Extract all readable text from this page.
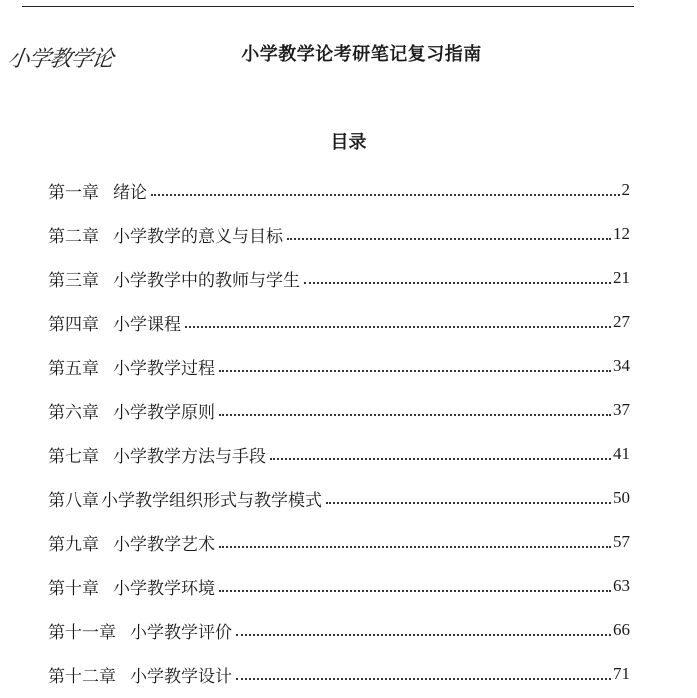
小学教学论	小学教学论考研笔记复习指南
目录
第一章 绪论	2
第二章 小学教学的意义与目标	12
第三章 小学教学中的教师与学生	21
第四章 小学课程	27
第五章 小学教学过程	34
第六章 小学教学原则	37
第七章 小学教学方法与手段	41
第八章 小学教学组织形式与教学模式	50
第九章 小学教学艺术	57
第十章 小学教学环境	63
第十一章 小学教学评价	66
第十二章 小学教学设计	71
